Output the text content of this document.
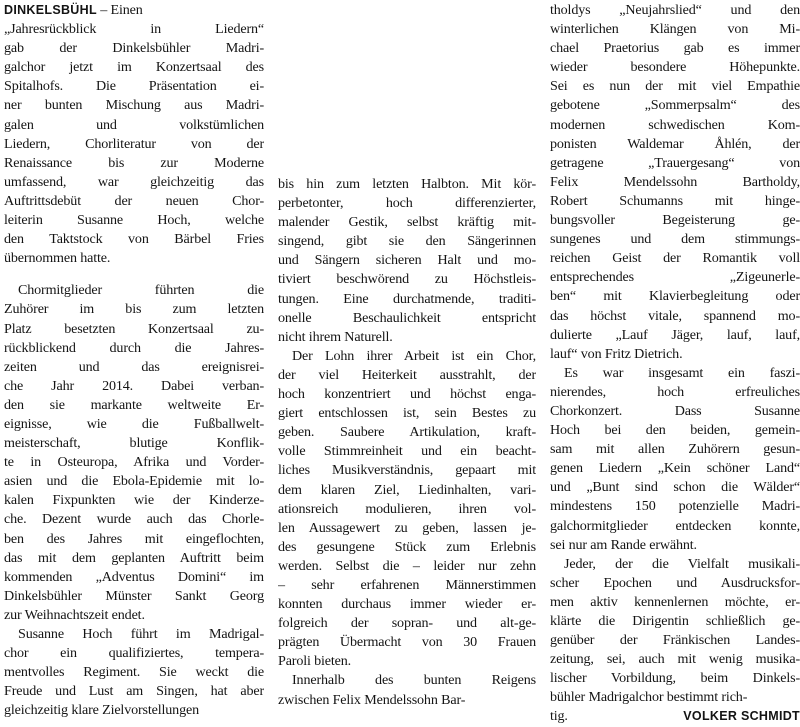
DINKELSBÜHL – Einen
„Jahresrückblick in Liedern“
gab der Dinkelsbühler Madri-
galchor jetzt im Konzertsaal des
Spitalhofs. Die Präsentation ei-
ner bunten Mischung aus Madri-
galen und volkstümlichen
Liedern, Chorliteratur von der
Renaissance bis zur Moderne
umfassend, war gleichzeitig das
Auftrittsdebüt der neuen Chor-
leiterin Susanne Hoch, welche
den Taktstock von Bärbel Fries
übernommen hatte.
Chormitglieder führten die
Zuhörer im bis zum letzten
Platz besetzten Konzertsaal zu-
rückblickend durch die Jahres-
zeiten und das ereignisrei-
che Jahr 2014. Dabei verban-
den sie markante weltweite Er-
eignisse, wie die Fußballwelt-
meisterschaft, blutige Konflik-
te in Osteuropa, Afrika und Vorder-
asien und die Ebola-Epidemie mit lo-
kalen Fixpunkten wie der Kinderze-
che. Dezent wurde auch das Chorle-
ben des Jahres mit eingeflochten,
das mit dem geplanten Auftritt beim
kommenden „Adventus Domini“ im
Dinkelsbühler Münster Sankt Georg
zur Weihnachtszeit endet.
Susanne Hoch führt im Madrigal-
chor ein qualifiziertes, tempera-
mentvolles Regiment. Sie weckt die
Freude und Lust am Singen, hat aber
gleichzeitig klare Zielvorstellungen
bis hin zum letzten Halbton. Mit kör-
perbetonter, hoch differenzierter,
malender Gestik, selbst kräftig mit-
singend, gibt sie den Sängerinnen
und Sängern sicheren Halt und mo-
tiviert beschwörend zu Höchstleis-
tungen. Eine durchatmende, traditi-
onelle Beschaulichkeit entspricht
nicht ihrem Naturell.
Der Lohn ihrer Arbeit ist ein Chor,
der viel Heiterkeit ausstrahlt, der
hoch konzentriert und höchst enga-
giert entschlossen ist, sein Bestes zu
geben. Saubere Artikulation, kraft-
volle Stimmreinheit und ein beacht-
liches Musikverständnis, gepaart mit
dem klaren Ziel, Liedinhalten, vari-
ationsreich modulieren, ihren vol-
len Aussagewert zu geben, lassen je-
des gesungene Stück zum Erlebnis
werden. Selbst die – leider nur zehn
– sehr erfahrenen Männerstimmen
konnten durchaus immer wieder er-
folgreich der sopran- und alt-ge-
prägten Übermacht von 30 Frauen
Paroli bieten.
Innerhalb des bunten Reigens
zwischen Felix Mendelssohn Bar-
tholdys „Neujahrslied“ und den
winterlichen Klängen von Mi-
chael Praetorius gab es immer
wieder besondere Höhepunkte.
Sei es nun der mit viel Empathie
gebotene „Sommerpsalm“ des
modernen schwedischen Kom-
ponisten Waldemar Åhlén, der
getragene „Trauergesang“ von
Felix Mendelssohn Bartholdy,
Robert Schumanns mit hinge-
bungsvoller Begeisterung ge-
sungenes und dem stimmungs-
reichen Geist der Romantik voll
entsprechendes „Zigeunerle-
ben“ mit Klavierbegleitung oder
das höchst vitale, spannend mo-
dulierte „Lauf Jäger, lauf, lauf,
lauf“ von Fritz Dietrich.
Es war insgesamt ein faszi-
nierendes, hoch erfreuliches
Chorkonzert. Dass Susanne
Hoch bei den beiden, gemein-
sam mit allen Zuhörern gesun-
genen Liedern „Kein schöner Land“
und „Bunt sind schon die Wälder“
mindestens 150 potenzielle Madri-
galchormitglieder entdecken konnte,
sei nur am Rande erwähnt.
Jeder, der die Vielfalt musikali-
scher Epochen und Ausdrucksfor-
men aktiv kennenlernen möchte, er-
klärte die Dirigentin schließlich ge-
genüber der Fränkischen Landes-
zeitung, sei, auch mit wenig musika-
lischer Vorbildung, beim Dinkels-
bühler Madrigalchor bestimmt rich-
tig.	VOLKER SCHMIDT
